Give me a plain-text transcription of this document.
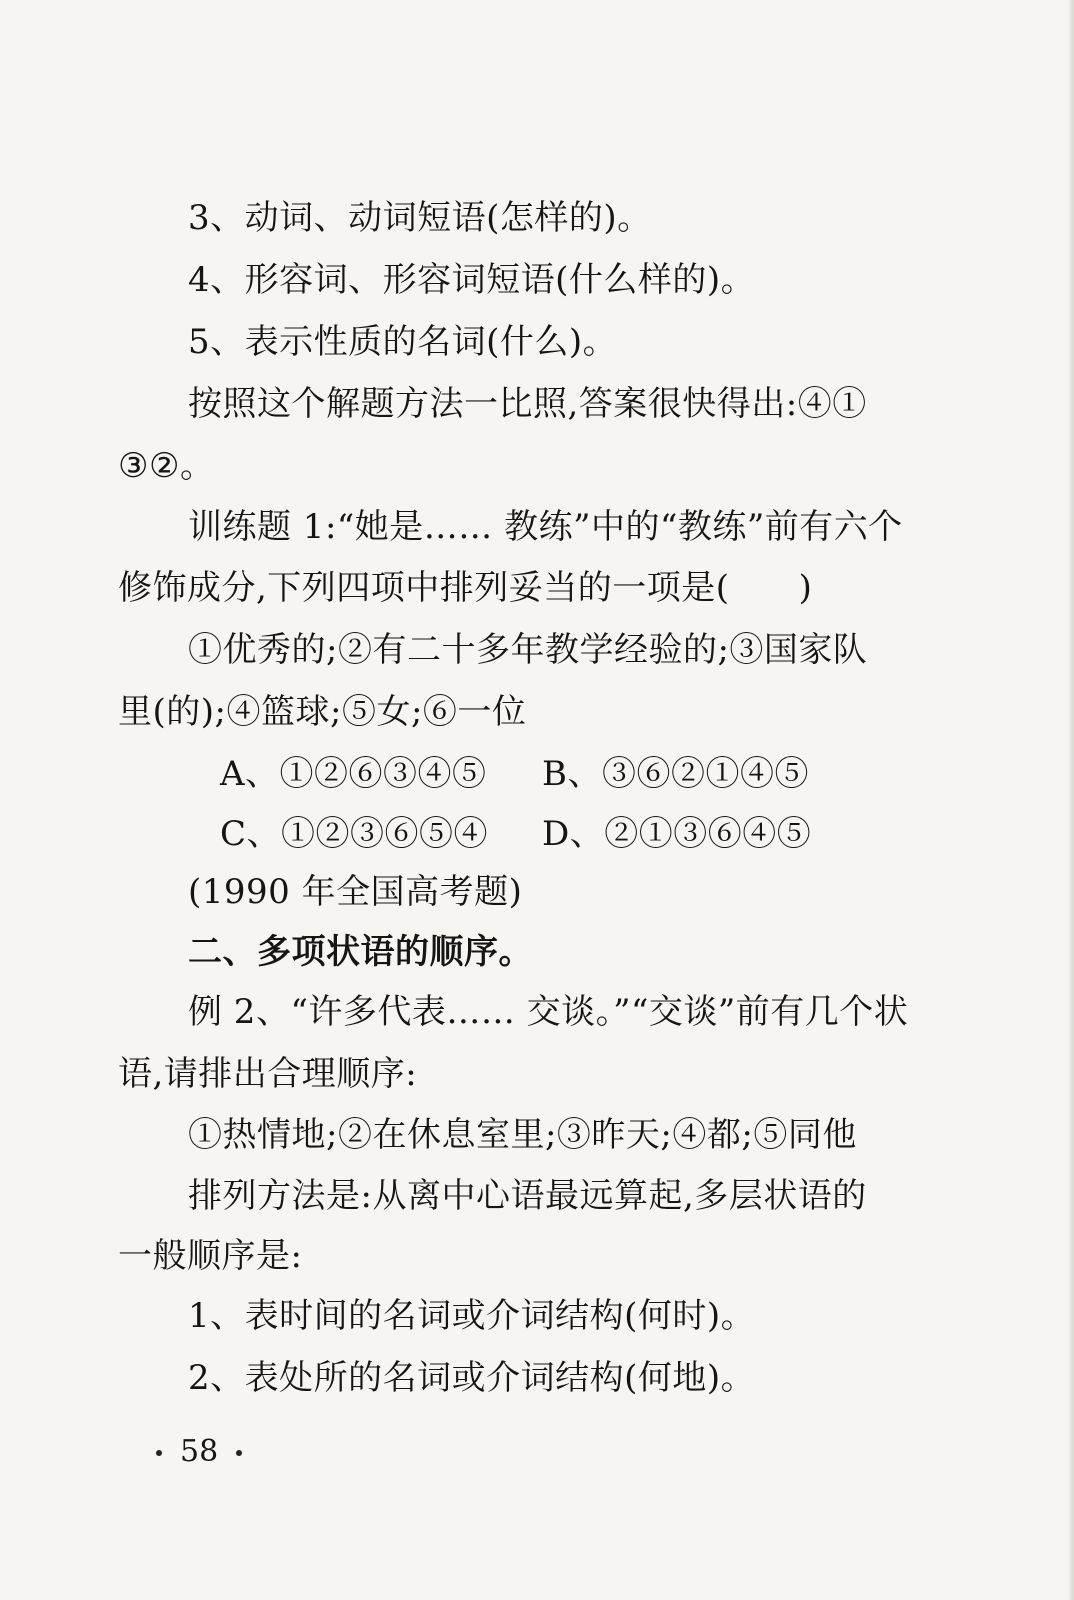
3、动词、动词短语(怎样的)。
4、形容词、形容词短语(什么样的)。
5、表示性质的名词(什么)。
按照这个解题方法一比照,答案很快得出:④①
③②。
训练题 1:“她是…… 教练”中的“教练”前有六个
修饰成分,下列四项中排列妥当的一项是(　　)
①优秀的;②有二十多年教学经验的;③国家队
里(的);④篮球;⑤女;⑥一位
A、①②⑥③④⑤ B、③⑥②①④⑤
C、①②③⑥⑤④ D、②①③⑥④⑤
(1990 年全国高考题)
二、多项状语的顺序。
例 2、“许多代表…… 交谈。”“交谈”前有几个状
语,请排出合理顺序:
①热情地;②在休息室里;③昨天;④都;⑤同他
排列方法是:从离中心语最远算起,多层状语的
一般顺序是:
1、表时间的名词或介词结构(何时)。
2、表处所的名词或介词结构(何地)。
58
